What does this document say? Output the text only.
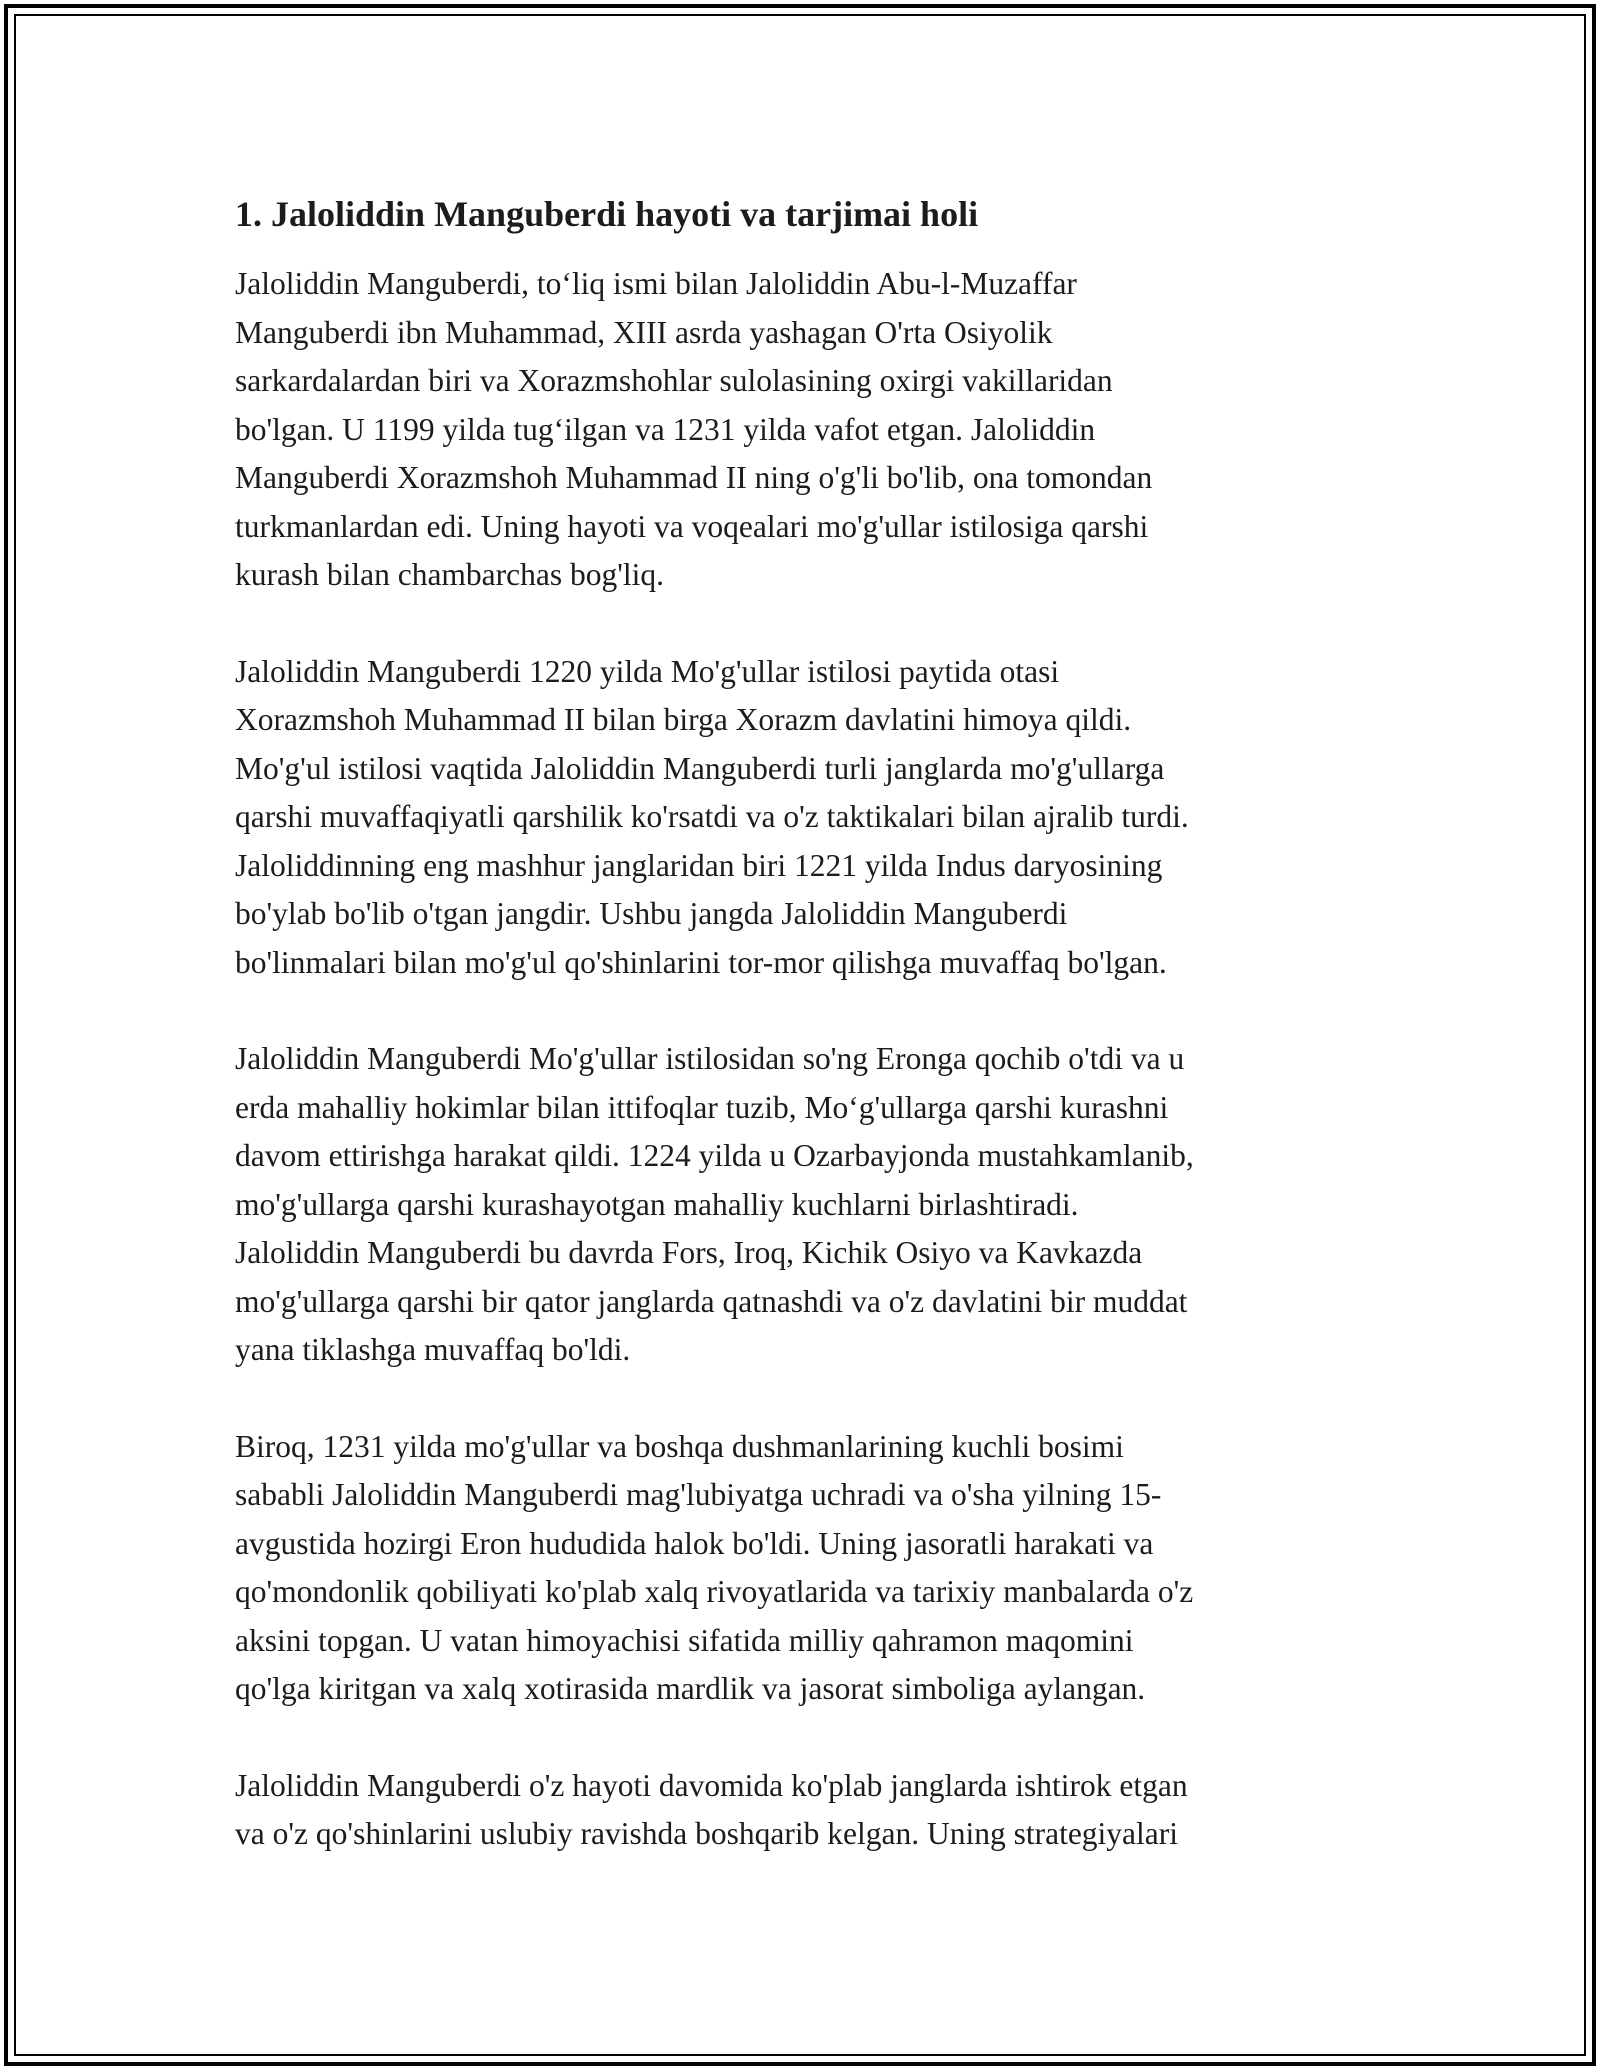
1. Jaloliddin Manguberdi hayoti va tarjimai holi

Jaloliddin Manguberdi, to‘liq ismi bilan Jaloliddin Abu-l-Muzaffar
Manguberdi ibn Muhammad, XIII asrda yashagan O'rta Osiyolik
sarkardalardan biri va Xorazmshohlar sulolasining oxirgi vakillaridan
bo'lgan. U 1199 yilda tug‘ilgan va 1231 yilda vafot etgan. Jaloliddin
Manguberdi Xorazmshoh Muhammad II ning o'g'li bo'lib, ona tomondan
turkmanlardan edi. Uning hayoti va voqealari mo'g'ullar istilosiga qarshi
kurash bilan chambarchas bog'liq.

Jaloliddin Manguberdi 1220 yilda Mo'g'ullar istilosi paytida otasi
Xorazmshoh Muhammad II bilan birga Xorazm davlatini himoya qildi.
Mo'g'ul istilosi vaqtida Jaloliddin Manguberdi turli janglarda mo'g'ullarga
qarshi muvaffaqiyatli qarshilik ko'rsatdi va o'z taktikalari bilan ajralib turdi.
Jaloliddinning eng mashhur janglaridan biri 1221 yilda Indus daryosining
bo'ylab bo'lib o'tgan jangdir. Ushbu jangda Jaloliddin Manguberdi
bo'linmalari bilan mo'g'ul qo'shinlarini tor-mor qilishga muvaffaq bo'lgan.

Jaloliddin Manguberdi Mo'g'ullar istilosidan so'ng Eronga qochib o'tdi va u
erda mahalliy hokimlar bilan ittifoqlar tuzib, Mo‘g'ullarga qarshi kurashni
davom ettirishga harakat qildi. 1224 yilda u Ozarbayjonda mustahkamlanib,
mo'g'ullarga qarshi kurashayotgan mahalliy kuchlarni birlashtiradi.
Jaloliddin Manguberdi bu davrda Fors, Iroq, Kichik Osiyo va Kavkazda
mo'g'ullarga qarshi bir qator janglarda qatnashdi va o'z davlatini bir muddat
yana tiklashga muvaffaq bo'ldi.

Biroq, 1231 yilda mo'g'ullar va boshqa dushmanlarining kuchli bosimi
sababli Jaloliddin Manguberdi mag'lubiyatga uchradi va o'sha yilning 15-
avgustida hozirgi Eron hududida halok bo'ldi. Uning jasoratli harakati va
qo'mondonlik qobiliyati ko'plab xalq rivoyatlarida va tarixiy manbalarda o'z
aksini topgan. U vatan himoyachisi sifatida milliy qahramon maqomini
qo'lga kiritgan va xalq xotirasida mardlik va jasorat simboliga aylangan.

Jaloliddin Manguberdi o'z hayoti davomida ko'plab janglarda ishtirok etgan
va o'z qo'shinlarini uslubiy ravishda boshqarib kelgan. Uning strategiyalari
